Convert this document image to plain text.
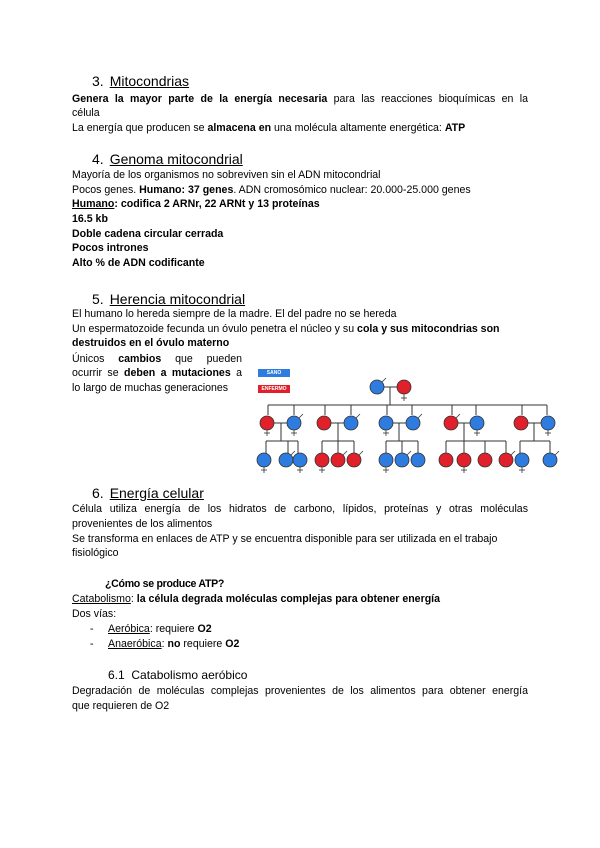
3. Mitocondrias
Genera la mayor parte de la energía necesaria para las reacciones bioquímicas en la
célula
La energía que producen se almacena en una molécula altamente energética: ATP
4. Genoma mitocondrial
Mayoría de los organismos no sobreviven sin el ADN mitocondrial
Pocos genes. Humano: 37 genes. ADN cromosómico nuclear: 20.000-25.000 genes
Humano: codifica 2 ARNr, 22 ARNt y 13 proteínas
16.5 kb
Doble cadena circular cerrada
Pocos intrones
Alto % de ADN codificante
5. Herencia mitocondrial
El humano lo hereda siempre de la madre. El del padre no se hereda
Un espermatozoide fecunda un óvulo penetra el núcleo y su cola y sus mitocondrias son
destruidos en el óvulo materno
Únicos cambios que pueden
ocurrir se deben a mutaciones a
lo largo de muchas generaciones
SANO
ENFERMO
6. Energía celular
Célula utiliza energía de los hidratos de carbono, lípidos, proteínas y otras moléculas
provenientes de los alimentos
Se transforma en enlaces de ATP y se encuentra disponible para ser utilizada en el trabajo
fisiológico
¿Cómo se produce ATP?
Catabolismo: la célula degrada moléculas complejas para obtener energía
Dos vías:
- Aeróbica: requiere O2
- Anaeróbica: no requiere O2
6.1 Catabolismo aeróbico
Degradación de moléculas complejas provenientes de los alimentos para obtener energía
que requieren de O2
